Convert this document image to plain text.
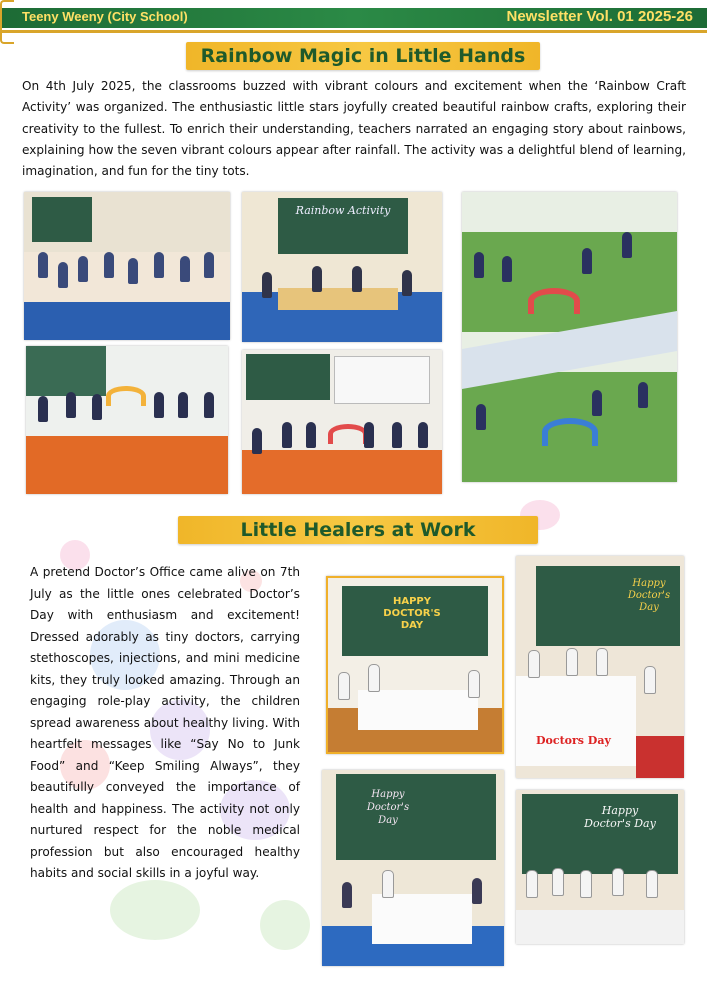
Teeny Weeny (City School)	Newsletter Vol. 01 2025-26
Rainbow Magic in Little Hands
On 4th July 2025, the classrooms buzzed with vibrant colours and excitement when the ‘Rainbow Craft Activity’ was organized. The enthusiastic little stars joyfully created beautiful rainbow crafts, exploring their creativity to the fullest. To enrich their understanding, teachers narrated an engaging story about rainbows, explaining how the seven vibrant colours appear after rainfall. The activity was a delightful blend of learning, imagination, and fun for the tiny tots.
Rainbow Activity
Little Healers at Work
A pretend Doctor’s Office came alive on 7th July as the little ones celebrated Doctor’s Day with enthusiasm and excitement! Dressed adorably as tiny doctors, carrying stethoscopes, injections, and mini medicine kits, they truly looked amazing. Through an engaging role-play activity, the children spread awareness about healthy living. With heartfelt messages like “Say No to Junk Food” and “Keep Smiling Always”, they beautifully conveyed the importance of health and happiness. The activity not only nurtured respect for the noble medical profession but also encouraged healthy habits and social skills in a joyful way.
HAPPY DOCTOR'S DAY
Happy Doctor's Day
Doctors Day
Happy Doctor's Day
Happy Doctor's Day
